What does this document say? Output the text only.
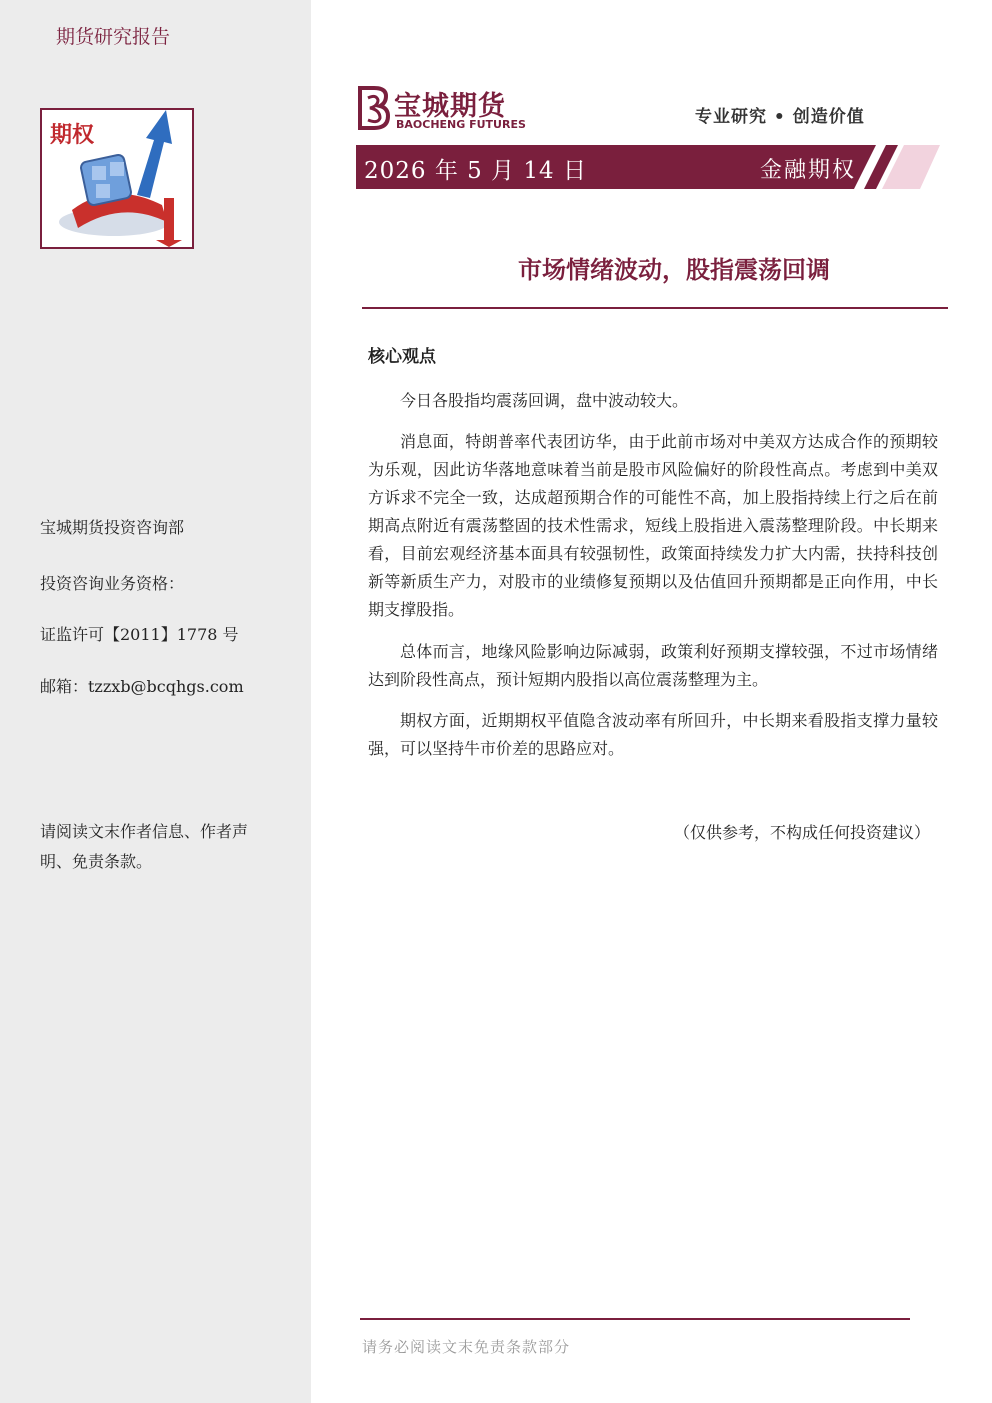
期货研究报告
期权
宝城期货投资咨询部
投资咨询业务资格：
证监许可【2011】1778 号
邮箱：tzzxb@bcqhgs.com
请阅读文末作者信息、作者声
明、免责条款。
宝城期货
BAOCHENG FUTURES	专业研究 • 创造价值
2026 年 5 月 14 日	金融期权
市场情绪波动，股指震荡回调
核心观点

今日各股指均震荡回调，盘中波动较大。

消息面，特朗普率代表团访华，由于此前市场对中美双方达成合作的预期较为乐观，因此访华落地意味着当前是股市风险偏好的阶段性高点。考虑到中美双方诉求不完全一致，达成超预期合作的可能性不高，加上股指持续上行之后在前期高点附近有震荡整固的技术性需求，短线上股指进入震荡整理阶段。中长期来看，目前宏观经济基本面具有较强韧性，政策面持续发力扩大内需，扶持科技创新等新质生产力，对股市的业绩修复预期以及估值回升预期都是正向作用，中长期支撑股指。

总体而言，地缘风险影响边际减弱，政策利好预期支撑较强，不过市场情绪达到阶段性高点，预计短期内股指以高位震荡整理为主。

期权方面，近期期权平值隐含波动率有所回升，中长期来看股指支撑力量较强，可以坚持牛市价差的思路应对。

（仅供参考，不构成任何投资建议）
请务必阅读文末免责条款部分
